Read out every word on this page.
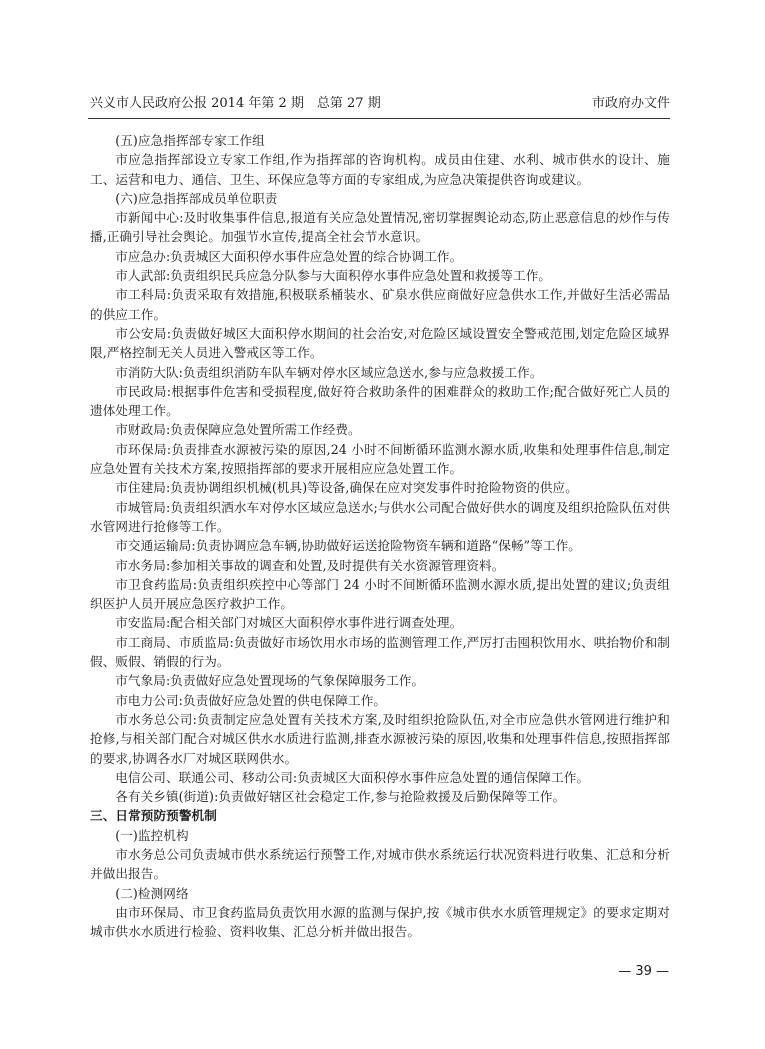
兴义市人民政府公报 2014 年第 2 期　总第 27 期	市政府办文件

(五)应急指挥部专家工作组

市应急指挥部设立专家工作组,作为指挥部的咨询机构。成员由住建、水利、城市供水的设计、施工、运营和电力、通信、卫生、环保应急等方面的专家组成,为应急决策提供咨询或建议。

(六)应急指挥部成员单位职责

市新闻中心:及时收集事件信息,报道有关应急处置情况,密切掌握舆论动态,防止恶意信息的炒作与传播,正确引导社会舆论。加强节水宣传,提高全社会节水意识。

市应急办:负责城区大面积停水事件应急处置的综合协调工作。

市人武部:负责组织民兵应急分队参与大面积停水事件应急处置和救援等工作。

市工科局:负责采取有效措施,积极联系桶装水、矿泉水供应商做好应急供水工作,并做好生活必需品的供应工作。

市公安局:负责做好城区大面积停水期间的社会治安,对危险区域设置安全警戒范围,划定危险区域界限,严格控制无关人员进入警戒区等工作。

市消防大队:负责组织消防车队车辆对停水区域应急送水,参与应急救援工作。

市民政局:根据事件危害和受损程度,做好符合救助条件的困难群众的救助工作;配合做好死亡人员的遗体处理工作。

市财政局:负责保障应急处置所需工作经费。

市环保局:负责排查水源被污染的原因,24 小时不间断循环监测水源水质,收集和处理事件信息,制定应急处置有关技术方案,按照指挥部的要求开展相应应急处置工作。

市住建局:负责协调组织机械(机具)等设备,确保在应对突发事件时抢险物资的供应。

市城管局:负责组织洒水车对停水区域应急送水;与供水公司配合做好供水的调度及组织抢险队伍对供水管网进行抢修等工作。

市交通运输局:负责协调应急车辆,协助做好运送抢险物资车辆和道路“保畅”等工作。

市水务局:参加相关事故的调查和处置,及时提供有关水资源管理资料。

市卫食药监局:负责组织疾控中心等部门 24 小时不间断循环监测水源水质,提出处置的建议;负责组织医护人员开展应急医疗救护工作。

市安监局:配合相关部门对城区大面积停水事件进行调查处理。

市工商局、市质监局:负责做好市场饮用水市场的监测管理工作,严厉打击囤积饮用水、哄抬物价和制假、贩假、销假的行为。

市气象局:负责做好应急处置现场的气象保障服务工作。

市电力公司:负责做好应急处置的供电保障工作。

市水务总公司:负责制定应急处置有关技术方案,及时组织抢险队伍,对全市应急供水管网进行维护和抢修,与相关部门配合对城区供水水质进行监测,排查水源被污染的原因,收集和处理事件信息,按照指挥部的要求,协调各水厂对城区联网供水。

电信公司、联通公司、移动公司:负责城区大面积停水事件应急处置的通信保障工作。

各有关乡镇(街道):负责做好辖区社会稳定工作,参与抢险救援及后勤保障等工作。

三、日常预防预警机制

(一)监控机构

市水务总公司负责城市供水系统运行预警工作,对城市供水系统运行状况资料进行收集、汇总和分析并做出报告。

(二)检测网络

由市环保局、市卫食药监局负责饮用水源的监测与保护,按《城市供水水质管理规定》的要求定期对城市供水水质进行检验、资料收集、汇总分析并做出报告。

— 39 —
